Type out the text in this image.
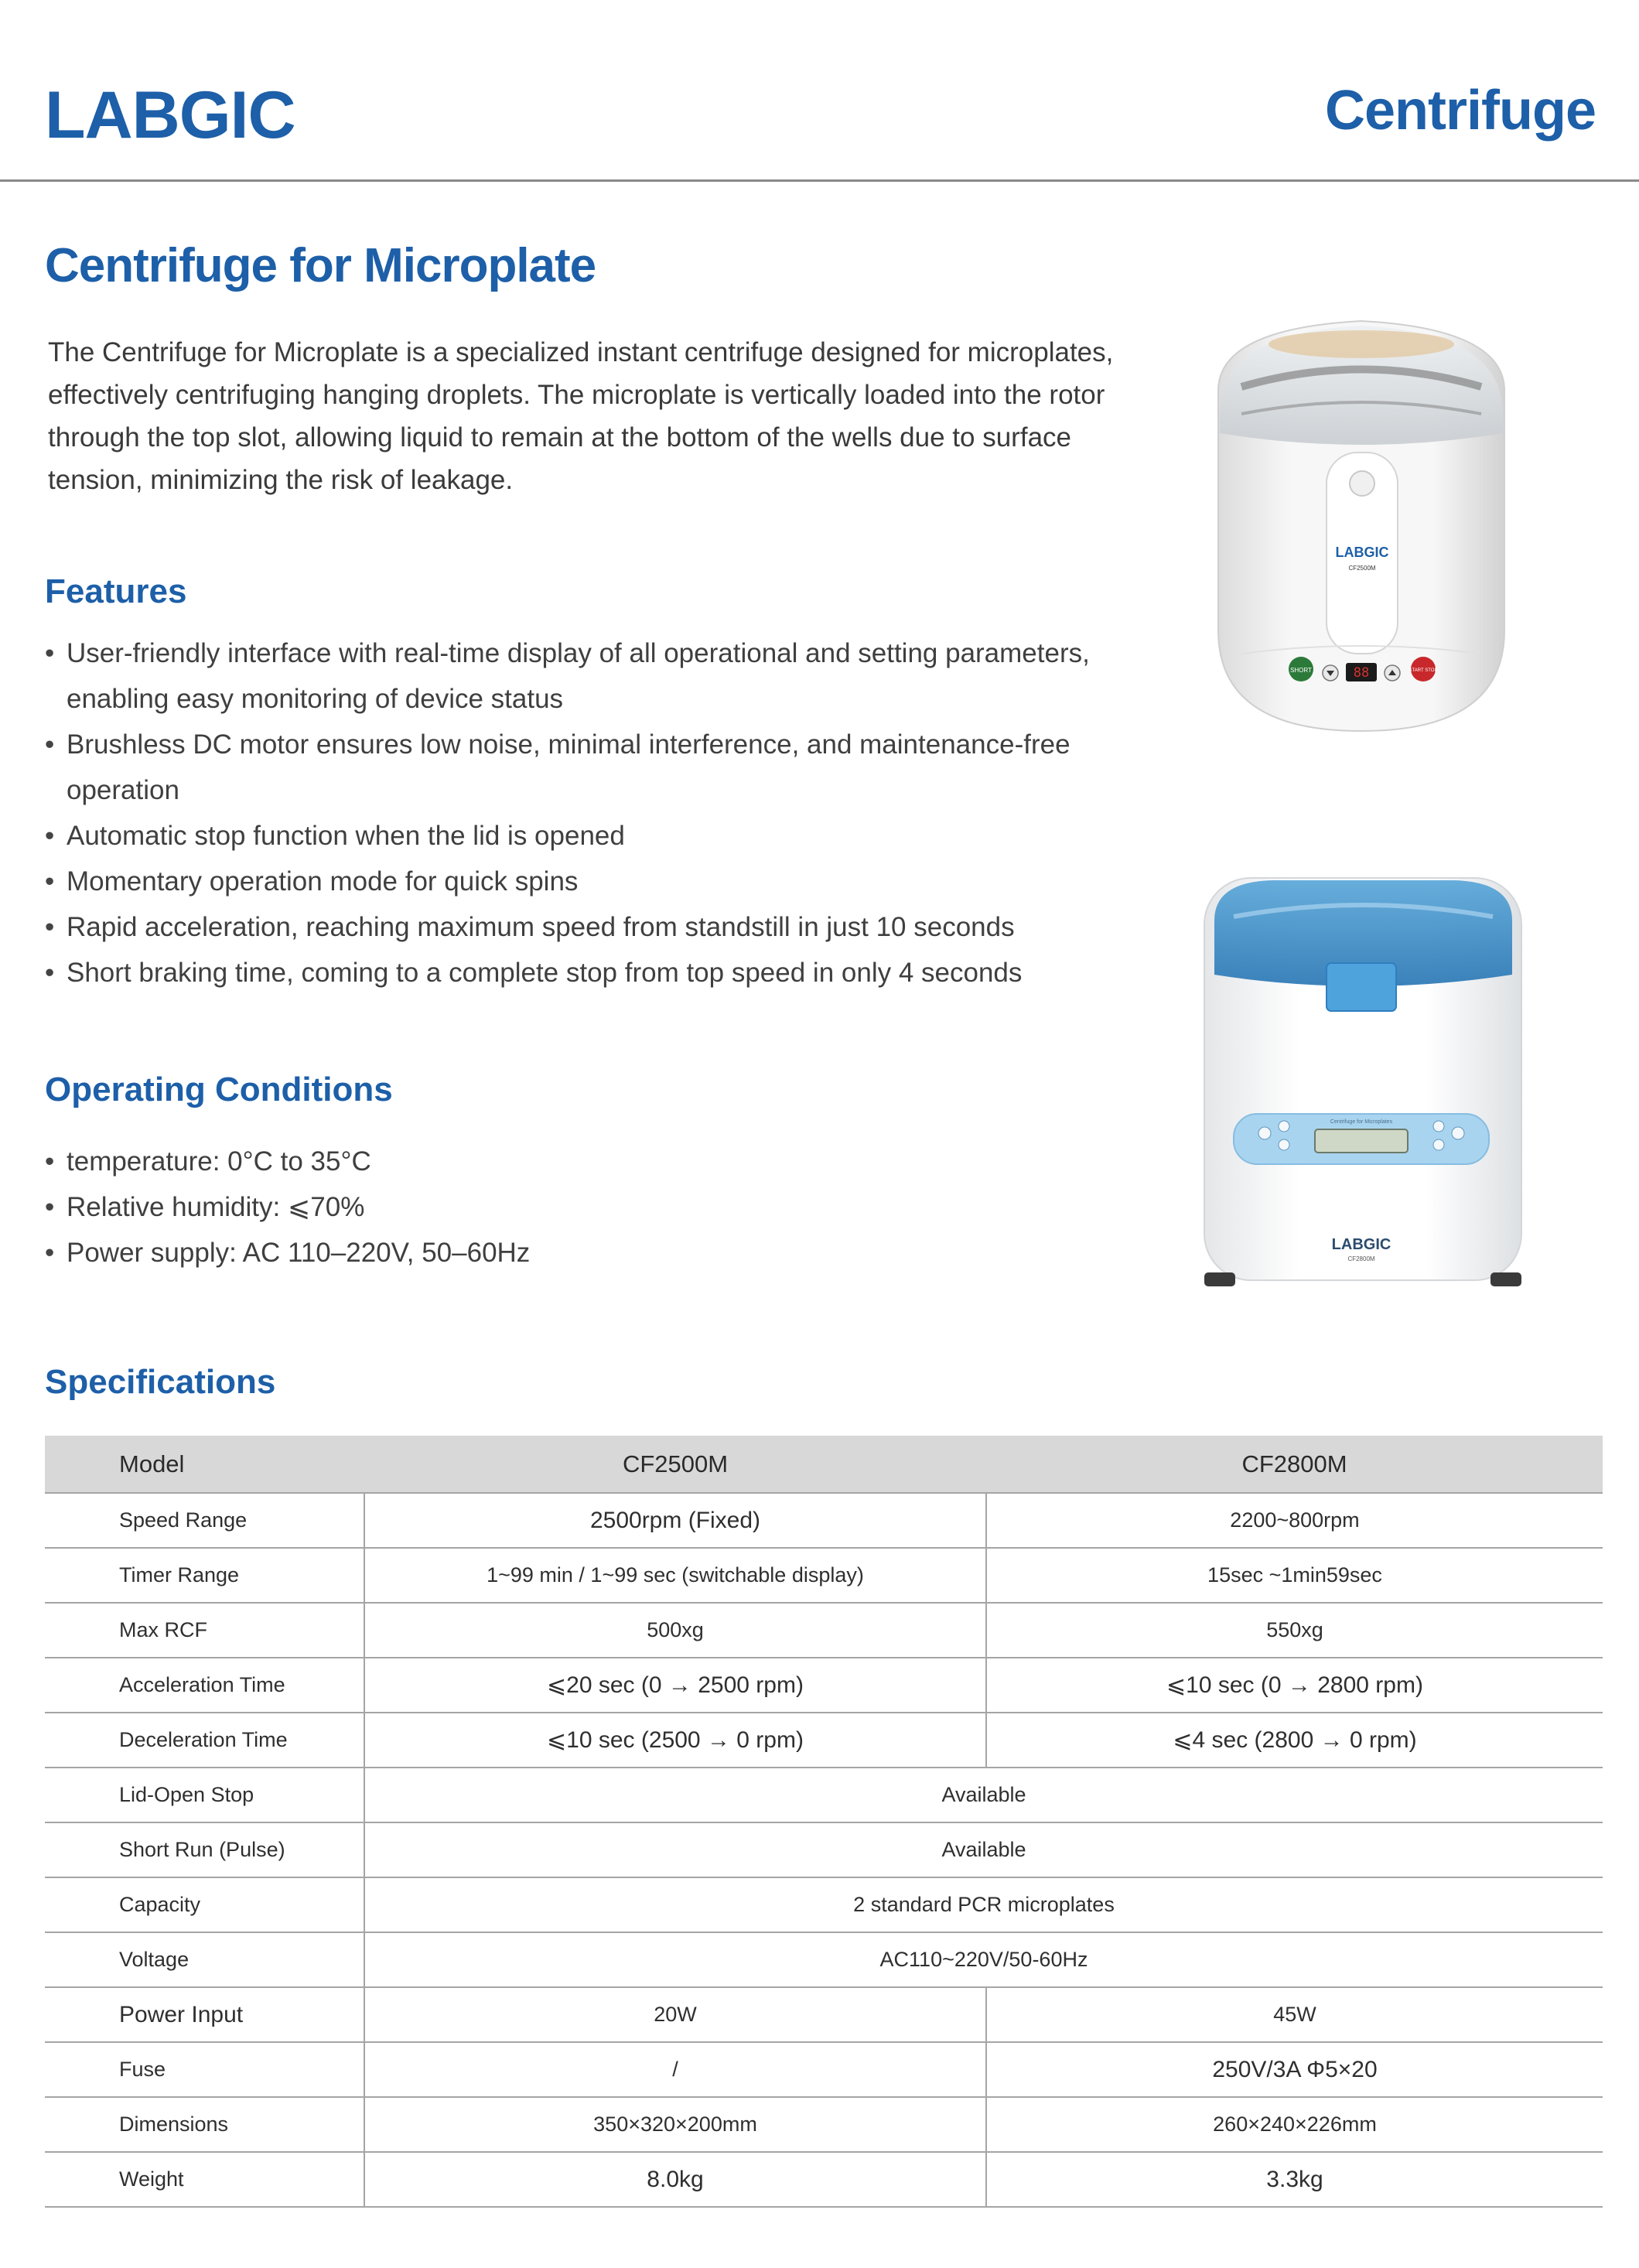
LABGIC	Centrifuge
Centrifuge for Microplate

The Centrifuge for Microplate is a specialized instant centrifuge designed for microplates, effectively centrifuging hanging droplets. The microplate is vertically loaded into the rotor through the top slot, allowing liquid to remain at the bottom of the wells due to surface tension, minimizing the risk of leakage.

Features
• User-friendly interface with real-time display of all operational and setting parameters, enabling easy monitoring of device status
• Brushless DC motor ensures low noise, minimal interference, and maintenance-free operation
• Automatic stop function when the lid is opened
• Momentary operation mode for quick spins
• Rapid acceleration, reaching maximum speed from standstill in just 10 seconds
• Short braking time, coming to a complete stop from top speed in only 4 seconds
Operating Conditions
• temperature: 0°C to 35°C
• Relative humidity: ⩽70%
• Power supply: AC 110–220V, 50–60Hz
LABGIC
CF2500M
SHORT	88	START STOP
Centrifuge for Microplates
LABGIC
CF2800M
Specifications
Model	CF2500M	CF2800M
Speed Range	2500rpm (Fixed)	2200~800rpm
Timer Range	1~99 min / 1~99 sec (switchable display)	15sec ~1min59sec
Max RCF	500xg	550xg
Acceleration Time	⩽20 sec (0 → 2500 rpm)	⩽10 sec (0 → 2800 rpm)
Deceleration Time	⩽10 sec (2500 → 0 rpm)	⩽4 sec (2800 → 0 rpm)
Lid-Open Stop	Available	
Short Run (Pulse)	Available	
Capacity	2 standard PCR microplates	
Voltage	AC110~220V/50-60Hz	
Power Input	20W	45W
Fuse	/	250V/3A Φ5×20
Dimensions	350×320×200mm	260×240×226mm
Weight	8.0kg	3.3kg
